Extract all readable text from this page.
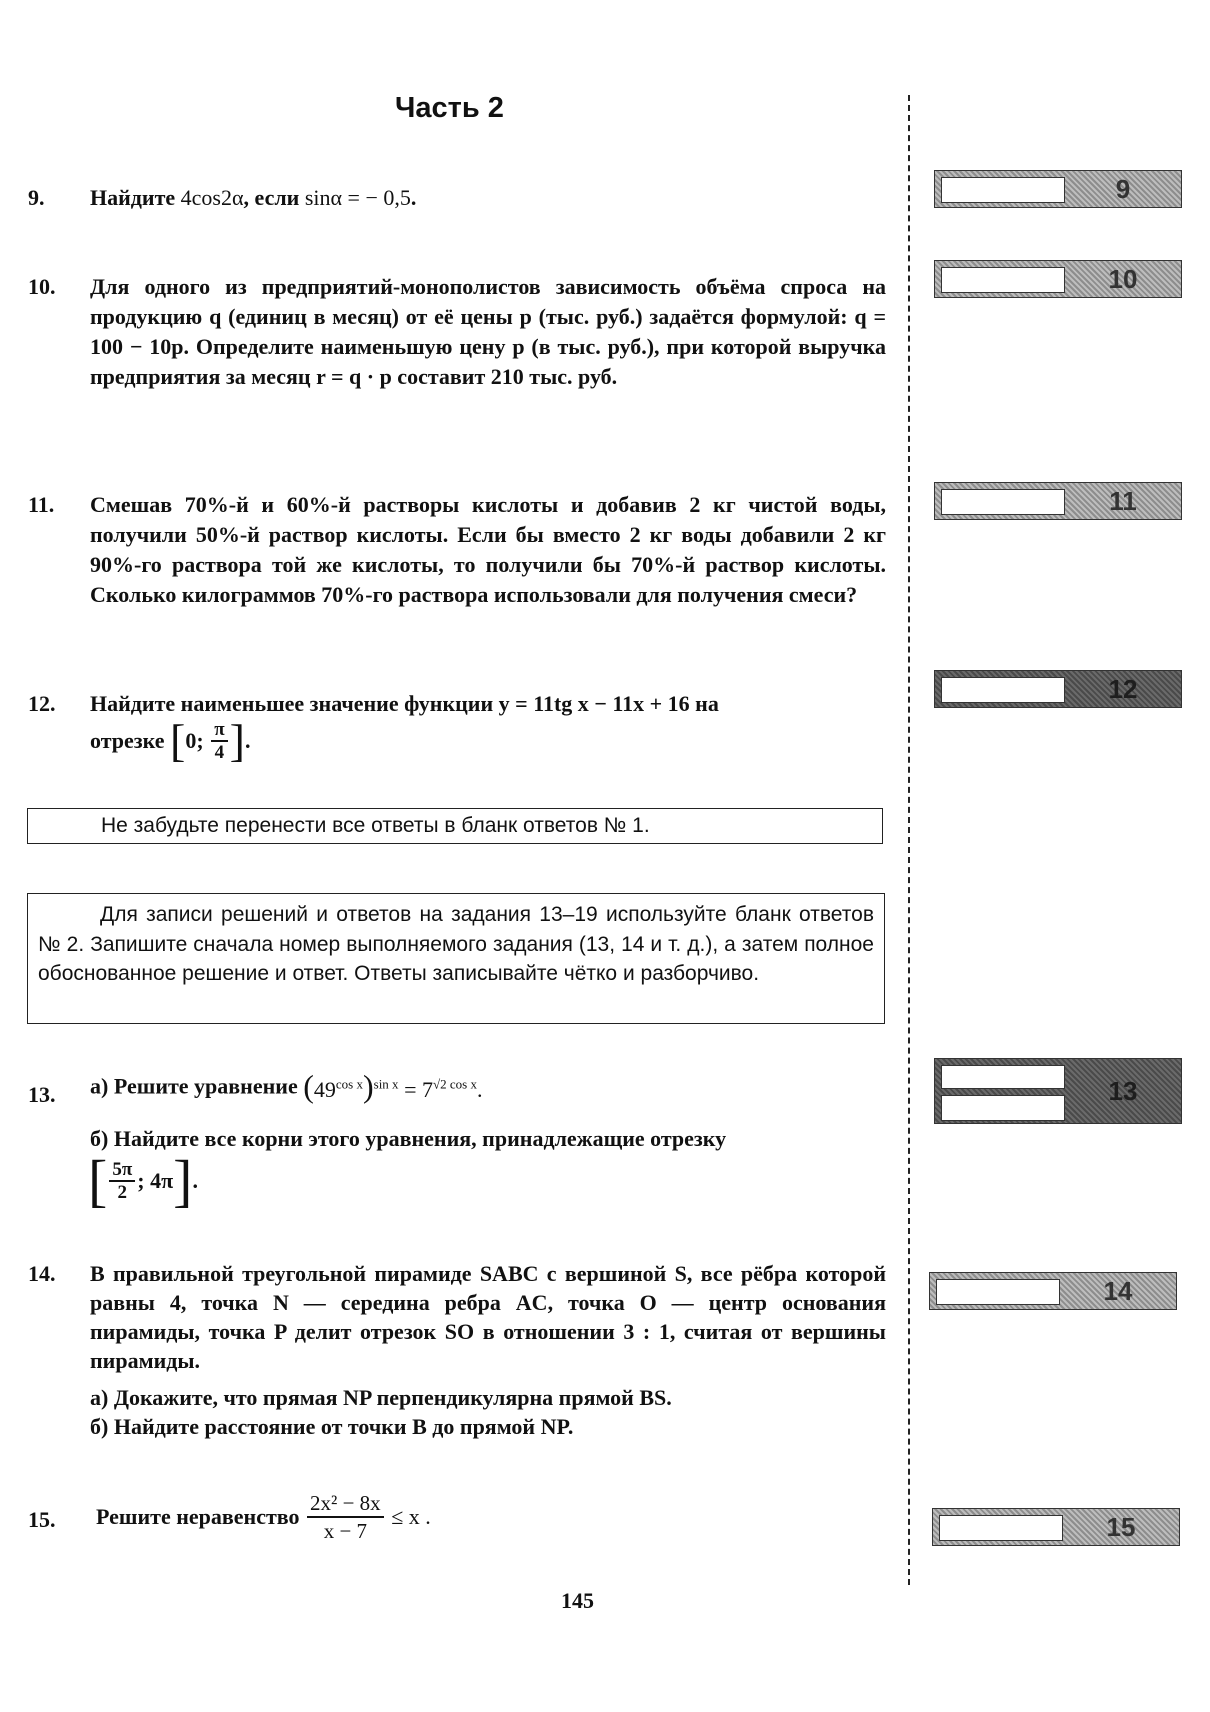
Часть 2
9. Найдите 4cos2α, если sinα = − 0,5.
10. Для одного из предприятий-монополистов зависимость объёма спроса на продукцию q (единиц в месяц) от её цены p (тыс. руб.) задаётся формулой: q = 100 − 10p. Определите наименьшую цену p (в тыс. руб.), при которой выручка предприятия за месяц r = q · p составит 210 тыс. руб.
11. Смешав 70%-й и 60%-й растворы кислоты и добавив 2 кг чистой воды, получили 50%-й раствор кислоты. Если бы вместо 2 кг воды добавили 2 кг 90%-го раствора той же кислоты, то получили бы 70%-й раствор кислоты. Сколько килограммов 70%-го раствора использовали для получения смеси?
12. Найдите наименьшее значение функции y = 11tg x − 11x + 16 на
отрезке [0; $\frac{\pi}{4}$ ].
Не забудьте перенести все ответы в бланк ответов № 1.
Для записи решений и ответов на задания 13–19 используйте бланк ответов № 2. Запишите сначала номер выполняемого задания (13, 14 и т. д.), а затем полное обоснованное решение и ответ. Ответы записывайте чётко и разборчиво.
13. а) Решите уравнение $(49^{cos x})^{sin x} = 7^{√2 cos x}$.
б) Найдите все корни этого уравнения, принадлежащие отрезку
[ $\frac{5\pi}{2}$ ; 4π].
14. В правильной треугольной пирамиде SABC с вершиной S, все рёбра которой равны 4, точка N — середина ребра AC, точка O — центр основания пирамиды, точка P делит отрезок SO в отношении 3 : 1, считая от вершины пирамиды.
а) Докажите, что прямая NP перпендикулярна прямой BS.
б) Найдите расстояние от точки B до прямой NP.
15. Решите неравенство $\frac{\text{2x² − 8x}}{x - 7} \le x$ .
9
10
11
12
13
14
15
145
